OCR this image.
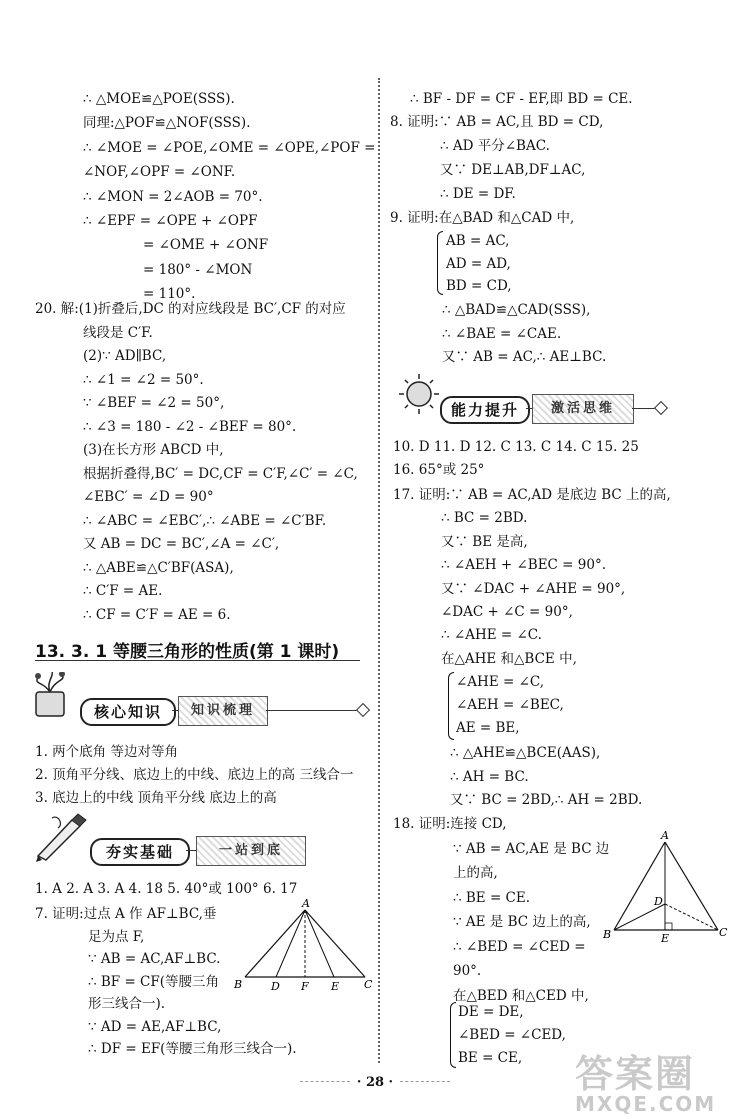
∴ △MOE≌△POE(SSS).
同理:△POF≌△NOF(SSS).
∴ ∠MOE = ∠POE,∠OME = ∠OPE,∠POF =
∠NOF,∠OPF = ∠ONF.
∴ ∠MON = 2∠AOB = 70°.
∴ ∠EPF = ∠OPE + ∠OPF
= ∠OME + ∠ONF
= 180° - ∠MON
= 110°.
20. 解:(1)折叠后,DC 的对应线段是 BC′,CF 的对应
线段是 C′F.
(2)∵ AD∥BC,
∴ ∠1 = ∠2 = 50°.
∵ ∠BEF = ∠2 = 50°,
∴ ∠3 = 180 - ∠2 - ∠BEF = 80°.
(3)在长方形 ABCD 中,
根据折叠得,BC′ = DC,CF = C′F,∠C′ = ∠C,
∠EBC′ = ∠D = 90°
∴ ∠ABC = ∠EBC′,∴ ∠ABE = ∠C′BF.
又 AB = DC = BC′,∠A = ∠C′,
∴ △ABE≌△C′BF(ASA),
∴ C′F = AE.
∴ CF = C′F = AE = 6.
13. 3. 1 等腰三角形的性质(第 1 课时)
核心知识	知识梳理
1. 两个底角 等边对等角
2. 顶角平分线、底边上的中线、底边上的高 三线合一
3. 底边上的中线 顶角平分线 底边上的高
夯实基础	一站到底
1. A 2. A 3. A 4. 18 5. 40°或 100° 6. 17
7. 证明:过点 A 作 AF⊥BC,垂
足为点 F,
∵ AB = AC,AF⊥BC.
∴ BF = CF(等腰三角
形三线合一).
∵ AD = AE,AF⊥BC,
∴ DF = EF(等腰三角形三线合一).
A
B	D F E C
∴ BF - DF = CF - EF,即 BD = CE.
8. 证明:∵ AB = AC,且 BD = CD,
∴ AD 平分∠BAC.
又∵ DE⊥AB,DF⊥AC,
∴ DE = DF.
9. 证明:在△BAD 和△CAD 中,
AB = AC,
AD = AD,
BD = CD,
∴ △BAD≌△CAD(SSS),
∴ ∠BAE = ∠CAE.
又∵ AB = AC,∴ AE⊥BC.
能力提升	激活思维
10. D 11. D 12. C 13. C 14. C 15. 25
16. 65°或 25°
17. 证明:∵ AB = AC,AD 是底边 BC 上的高,
∴ BC = 2BD.
又∵ BE 是高,
∴ ∠AEH + ∠BEC = 90°.
又∵ ∠DAC + ∠AHE = 90°,
∠DAC + ∠C = 90°,
∴ ∠AHE = ∠C.
在△AHE 和△BCE 中,
∠AHE = ∠C,
∠AEH = ∠BEC,
AE = BE,
∴ △AHE≌△BCE(AAS),
∴ AH = BC.
又∵ BC = 2BD,∴ AH = 2BD.
18. 证明:连接 CD,
∵ AB = AC,AE 是 BC 边
上的高,
∴ BE = CE.
∵ AE 是 BC 边上的高,
∴ ∠BED = ∠CED =
90°.
在△BED 和△CED 中,
DE = DE,
∠BED = ∠CED,
BE = CE,
A
B
D
E	C
· 28 ·	答案圈
MXQE.COM
